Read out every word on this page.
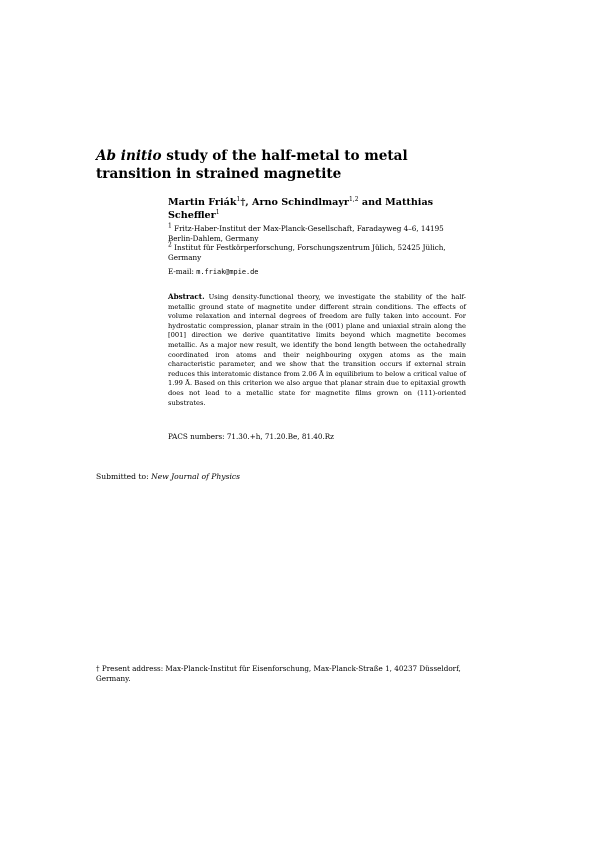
Ab initio study of the half-metal to metal transition in strained magnetite

Martin Friák$^1$†, Arno Schindlmayr$^{1,2}$ and Matthias Scheffler$^1$

$^1$ Fritz-Haber-Institut der Max-Planck-Gesellschaft, Faradayweg 4–6, 14195 Berlin-Dahlem, Germany

$^2$ Institut für Festkörperforschung, Forschungszentrum Jülich, 52425 Jülich, Germany

E-mail: m.friak@mpie.de

Abstract. Using density-functional theory, we investigate the stability of the half-metallic ground state of magnetite under different strain conditions. The effects of volume relaxation and internal degrees of freedom are fully taken into account. For hydrostatic compression, planar strain in the (001) plane and uniaxial strain along the [001] direction we derive quantitative limits beyond which magnetite becomes metallic. As a major new result, we identify the bond length between the octahedrally coordinated iron atoms and their neighbouring oxygen atoms as the main characteristic parameter, and we show that the transition occurs if external strain reduces this interatomic distance from 2.06 Å in equilibrium to below a critical value of 1.99 Å. Based on this criterion we also argue that planar strain due to epitaxial growth does not lead to a metallic state for magnetite films grown on (111)-oriented substrates.

PACS numbers: 71.30.+h, 71.20.Be, 81.40.Rz

Submitted to: New Journal of Physics

† Present address: Max-Planck-Institut für Eisenforschung, Max-Planck-Straße 1, 40237 Düsseldorf, Germany.
